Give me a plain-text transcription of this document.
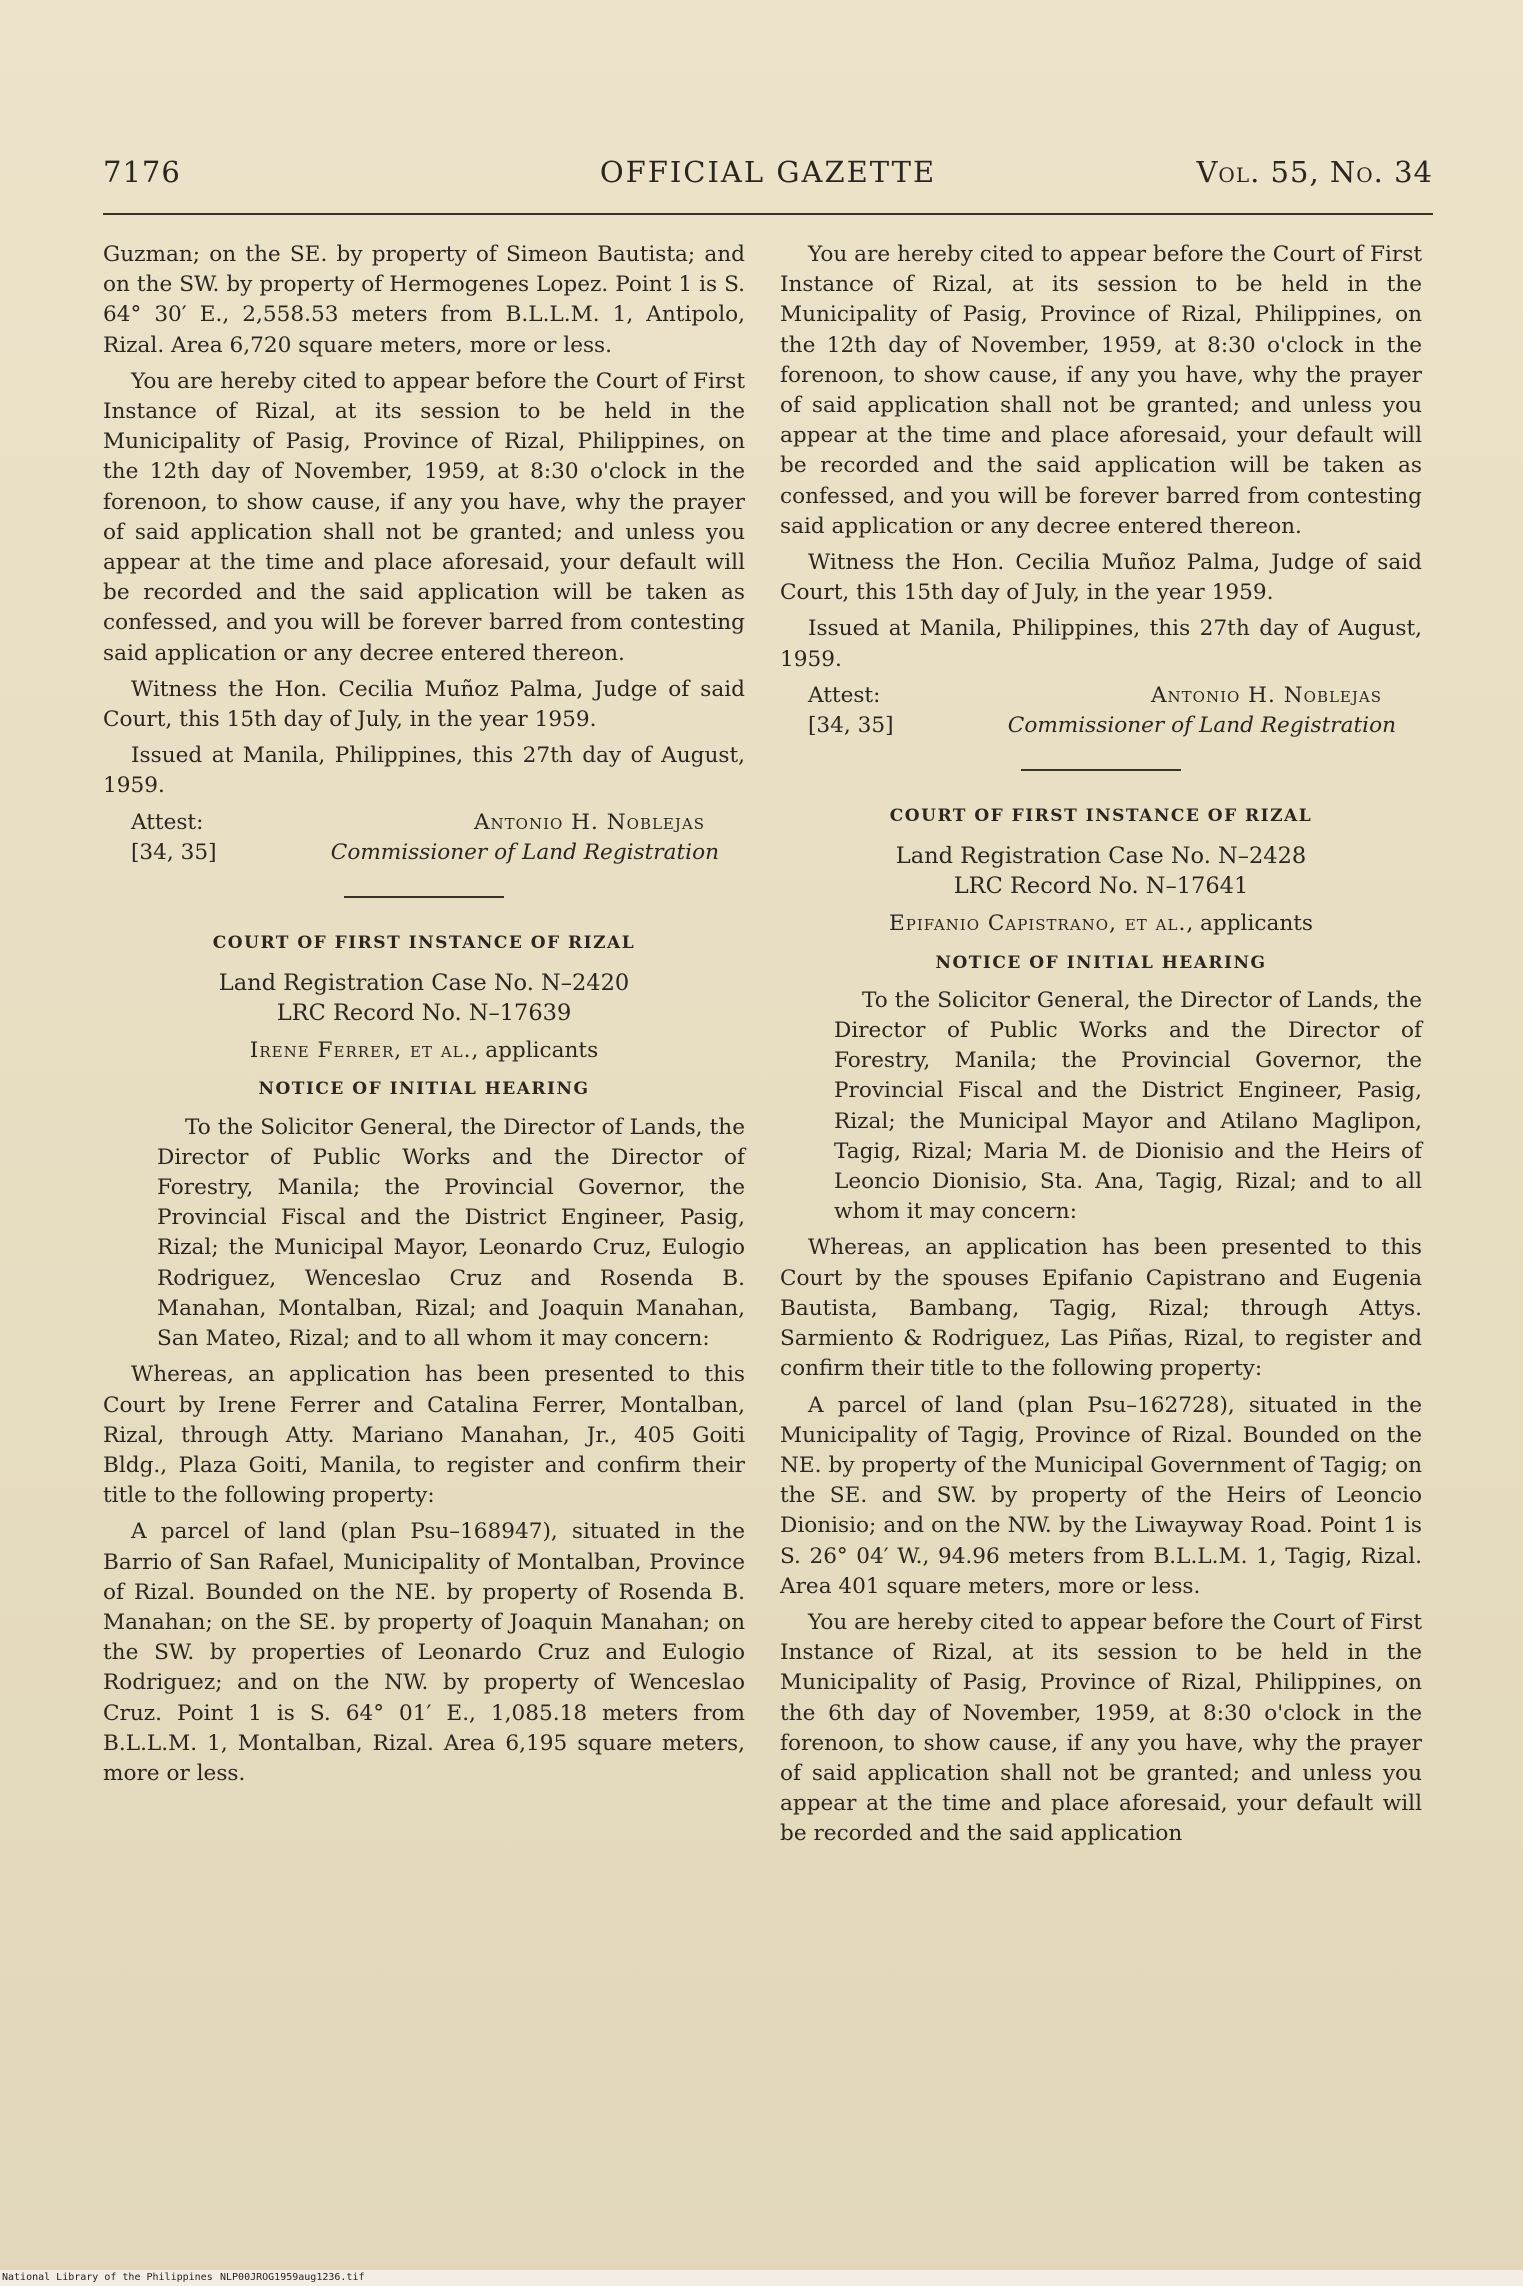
7176	OFFICIAL GAZETTE	Vol. 55, No. 34

Guzman; on the SE. by property of Simeon Bautista; and on the SW. by property of Hermogenes Lopez. Point 1 is S. 64° 30′ E., 2,558.53 meters from B.L.L.M. 1, Antipolo, Rizal. Area 6,720 square meters, more or less.

You are hereby cited to appear before the Court of First Instance of Rizal, at its session to be held in the Municipality of Pasig, Province of Rizal, Philippines, on the 12th day of November, 1959, at 8:30 o'clock in the forenoon, to show cause, if any you have, why the prayer of said application shall not be granted; and unless you appear at the time and place aforesaid, your default will be recorded and the said application will be taken as confessed, and you will be forever barred from contesting said application or any decree entered thereon.

Witness the Hon. Cecilia Muñoz Palma, Judge of said Court, this 15th day of July, in the year 1959.

Issued at Manila, Philippines, this 27th day of August, 1959.

Attest:
[34, 35]
Antonio H. Noblejas
Commissioner of Land Registration
COURT OF FIRST INSTANCE OF RIZAL
Land Registration Case No. N–2420
LRC Record No. N–17639
Irene Ferrer, et al., applicants
NOTICE OF INITIAL HEARING

To the Solicitor General, the Director of Lands, the Director of Public Works and the Director of Forestry, Manila; the Provincial Governor, the Provincial Fiscal and the District Engineer, Pasig, Rizal; the Municipal Mayor, Leonardo Cruz, Eulogio Rodriguez, Wenceslao Cruz and Rosenda B. Manahan, Montalban, Rizal; and Joaquin Manahan, San Mateo, Rizal; and to all whom it may concern:

Whereas, an application has been presented to this Court by Irene Ferrer and Catalina Ferrer, Montalban, Rizal, through Atty. Mariano Manahan, Jr., 405 Goiti Bldg., Plaza Goiti, Manila, to register and confirm their title to the following property:

A parcel of land (plan Psu–168947), situated in the Barrio of San Rafael, Municipality of Montalban, Province of Rizal. Bounded on the NE. by property of Rosenda B. Manahan; on the SE. by property of Joaquin Manahan; on the SW. by properties of Leonardo Cruz and Eulogio Rodriguez; and on the NW. by property of Wenceslao Cruz. Point 1 is S. 64° 01′ E., 1,085.18 meters from B.L.L.M. 1, Montalban, Rizal. Area 6,195 square meters, more or less.

You are hereby cited to appear before the Court of First Instance of Rizal, at its session to be held in the Municipality of Pasig, Province of Rizal, Philippines, on the 12th day of November, 1959, at 8:30 o'clock in the forenoon, to show cause, if any you have, why the prayer of said application shall not be granted; and unless you appear at the time and place aforesaid, your default will be recorded and the said application will be taken as confessed, and you will be forever barred from contesting said application or any decree entered thereon.

Witness the Hon. Cecilia Muñoz Palma, Judge of said Court, this 15th day of July, in the year 1959.

Issued at Manila, Philippines, this 27th day of August, 1959.

Attest:
[34, 35]
Antonio H. Noblejas
Commissioner of Land Registration
COURT OF FIRST INSTANCE OF RIZAL
Land Registration Case No. N–2428
LRC Record No. N–17641
Epifanio Capistrano, et al., applicants
NOTICE OF INITIAL HEARING

To the Solicitor General, the Director of Lands, the Director of Public Works and the Director of Forestry, Manila; the Provincial Governor, the Provincial Fiscal and the District Engineer, Pasig, Rizal; the Municipal Mayor and Atilano Maglipon, Tagig, Rizal; Maria M. de Dionisio and the Heirs of Leoncio Dionisio, Sta. Ana, Tagig, Rizal; and to all whom it may concern:

Whereas, an application has been presented to this Court by the spouses Epifanio Capistrano and Eugenia Bautista, Bambang, Tagig, Rizal; through Attys. Sarmiento & Rodriguez, Las Piñas, Rizal, to register and confirm their title to the following property:

A parcel of land (plan Psu–162728), situated in the Municipality of Tagig, Province of Rizal. Bounded on the NE. by property of the Municipal Government of Tagig; on the SE. and SW. by property of the Heirs of Leoncio Dionisio; and on the NW. by the Liwayway Road. Point 1 is S. 26° 04′ W., 94.96 meters from B.L.L.M. 1, Tagig, Rizal. Area 401 square meters, more or less.

You are hereby cited to appear before the Court of First Instance of Rizal, at its session to be held in the Municipality of Pasig, Province of Rizal, Philippines, on the 6th day of November, 1959, at 8:30 o'clock in the forenoon, to show cause, if any you have, why the prayer of said application shall not be granted; and unless you appear at the time and place aforesaid, your default will be recorded and the said application

National Library of the Philippines NLP00JROG1959aug1236.tif
